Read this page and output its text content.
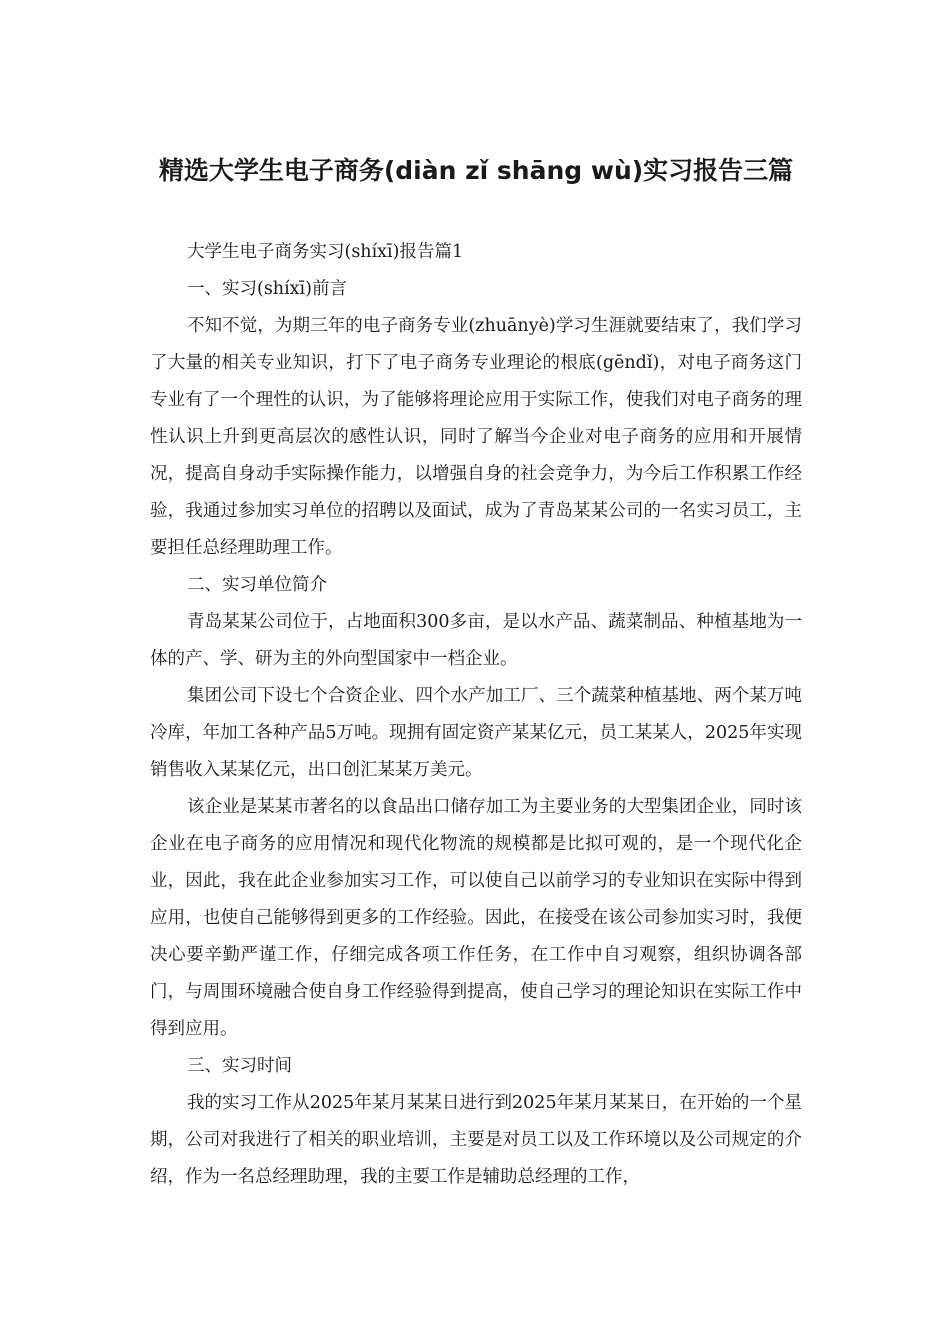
精选大学生电子商务(diàn zǐ shāng wù)实习报告三篇

大学生电子商务实习(shíxī)报告篇1

一、实习(shíxī)前言

不知不觉，为期三年的电子商务专业(zhuānyè)学习生涯就要结束了，我们学习了大量的相关专业知识，打下了电子商务专业理论的根底(gēndǐ)，对电子商务这门专业有了一个理性的认识，为了能够将理论应用于实际工作，使我们对电子商务的理性认识上升到更高层次的感性认识，同时了解当今企业对电子商务的应用和开展情况，提高自身动手实际操作能力，以增强自身的社会竞争力，为今后工作积累工作经验，我通过参加实习单位的招聘以及面试，成为了青岛某某公司的一名实习员工，主要担任总经理助理工作。

二、实习单位简介

青岛某某公司位于，占地面积300多亩，是以水产品、蔬菜制品、种植基地为一体的产、学、研为主的外向型国家中一档企业。

集团公司下设七个合资企业、四个水产加工厂、三个蔬菜种植基地、两个某万吨冷库，年加工各种产品5万吨。现拥有固定资产某某亿元，员工某某人，2025年实现销售收入某某亿元，出口创汇某某万美元。

该企业是某某市著名的以食品出口储存加工为主要业务的大型集团企业，同时该企业在电子商务的应用情况和现代化物流的规模都是比拟可观的，是一个现代化企业，因此，我在此企业参加实习工作，可以使自己以前学习的专业知识在实际中得到应用，也使自己能够得到更多的工作经验。因此，在接受在该公司参加实习时，我便决心要辛勤严谨工作，仔细完成各项工作任务，在工作中自习观察，组织协调各部门，与周围环境融合使自身工作经验得到提高，使自己学习的理论知识在实际工作中得到应用。

三、实习时间

我的实习工作从2025年某月某某日进行到2025年某月某某日，在开始的一个星期，公司对我进行了相关的职业培训，主要是对员工以及工作环境以及公司规定的介绍，作为一名总经理助理，我的主要工作是辅助总经理的工作，
